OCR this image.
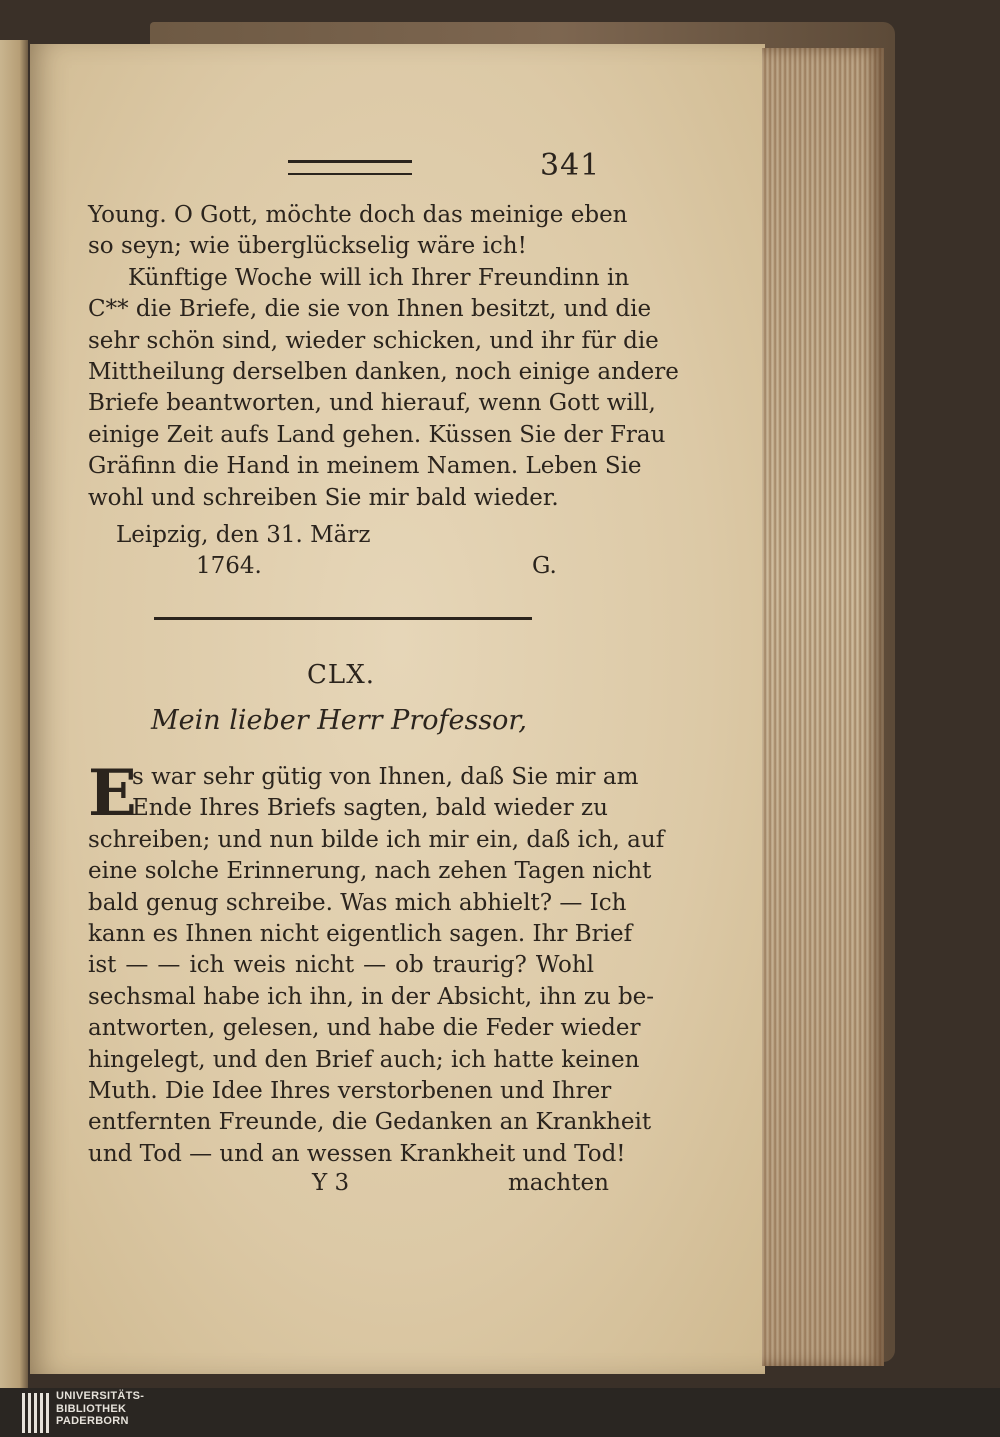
341
Young. O Gott, möchte doch das meinige eben
so seyn; wie überglückselig wäre ich!
Künftige Woche will ich Ihrer Freundinn in
C** die Briefe, die sie von Ihnen besitzt, und die
sehr schön sind, wieder schicken, und ihr für die
Mittheilung derselben danken, noch einige andere
Briefe beantworten, und hierauf, wenn Gott will,
einige Zeit aufs Land gehen. Küssen Sie der Frau
Gräfinn die Hand in meinem Namen. Leben Sie
wohl und schreiben Sie mir bald wieder.
Leipzig, den 31. März
1764.	G.
CLX.
Mein lieber Herr Professor,
E
s war sehr gütig von Ihnen, daß Sie mir am
Ende Ihres Briefs sagten, bald wieder zu
schreiben; und nun bilde ich mir ein, daß ich, auf
eine solche Erinnerung, nach zehen Tagen nicht
bald genug schreibe. Was mich abhielt? — Ich
kann es Ihnen nicht eigentlich sagen. Ihr Brief
ist — — ich weis nicht — ob traurig? Wohl
sechsmal habe ich ihn, in der Absicht, ihn zu be-
antworten, gelesen, und habe die Feder wieder
hingelegt, und den Brief auch; ich hatte keinen
Muth. Die Idee Ihres verstorbenen und Ihrer
entfernten Freunde, die Gedanken an Krankheit
und Tod — und an wessen Krankheit und Tod!
Y 3	machten
UNIVERSITÄTS-
BIBLIOTHEK
PADERBORN
